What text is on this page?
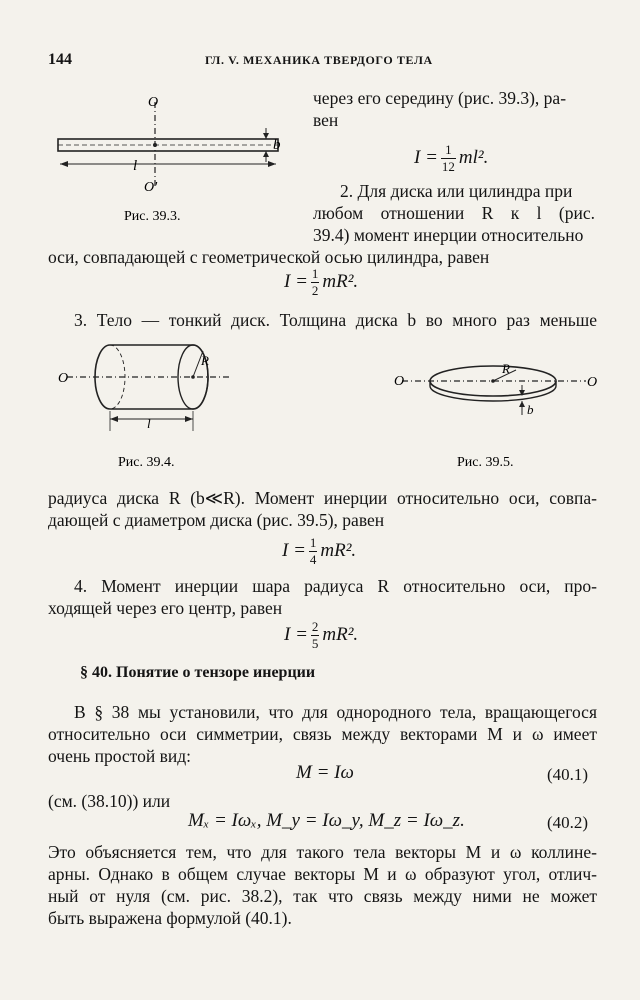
144	ГЛ. V. МЕХАНИКА ТВЕРДОГО ТЕЛА
O
O'
l
b
Рис. 39.3.
через его середину (рис. 39.3), ра-
вен
$I = \frac{1}{12} ml^2$.
2. Для диска или цилиндра при
любом отношении R к l (рис.
39.4) момент инерции относительно
оси, совпадающей с геометрической осью цилиндра, равен
$I = \frac{1}{2} mR^2$.
3. Тело — тонкий диск. Толщина диска b во много раз меньше
O
R
l
Рис. 39.4.
O	O
R
b
Рис. 39.5.
радиуса диска R (b≪R). Момент инерции относительно оси, совпа-
дающей с диаметром диска (рис. 39.5), равен
$I = \frac{1}{4} mR^2$.
4. Момент инерции шара радиуса R относительно оси, про-
ходящей через его центр, равен
$I = \frac{2}{5} mR^2$.
§ 40. Понятие о тензоре инерции
В § 38 мы установили, что для однородного тела, вращающегося
относительно оси симметрии, связь между векторами M и ω имеет
очень простой вид:
M = Iω	(40.1)
(см. (38.10)) или
Mₓ = Iωₓ, M_y = Iω_y, M_z = Iω_z.	(40.2)
Это объясняется тем, что для такого тела векторы M и ω коллине-
арны. Однако в общем случае векторы M и ω образуют угол, отлич-
ный от нуля (см. рис. 38.2), так что связь между ними не может
быть выражена формулой (40.1).
